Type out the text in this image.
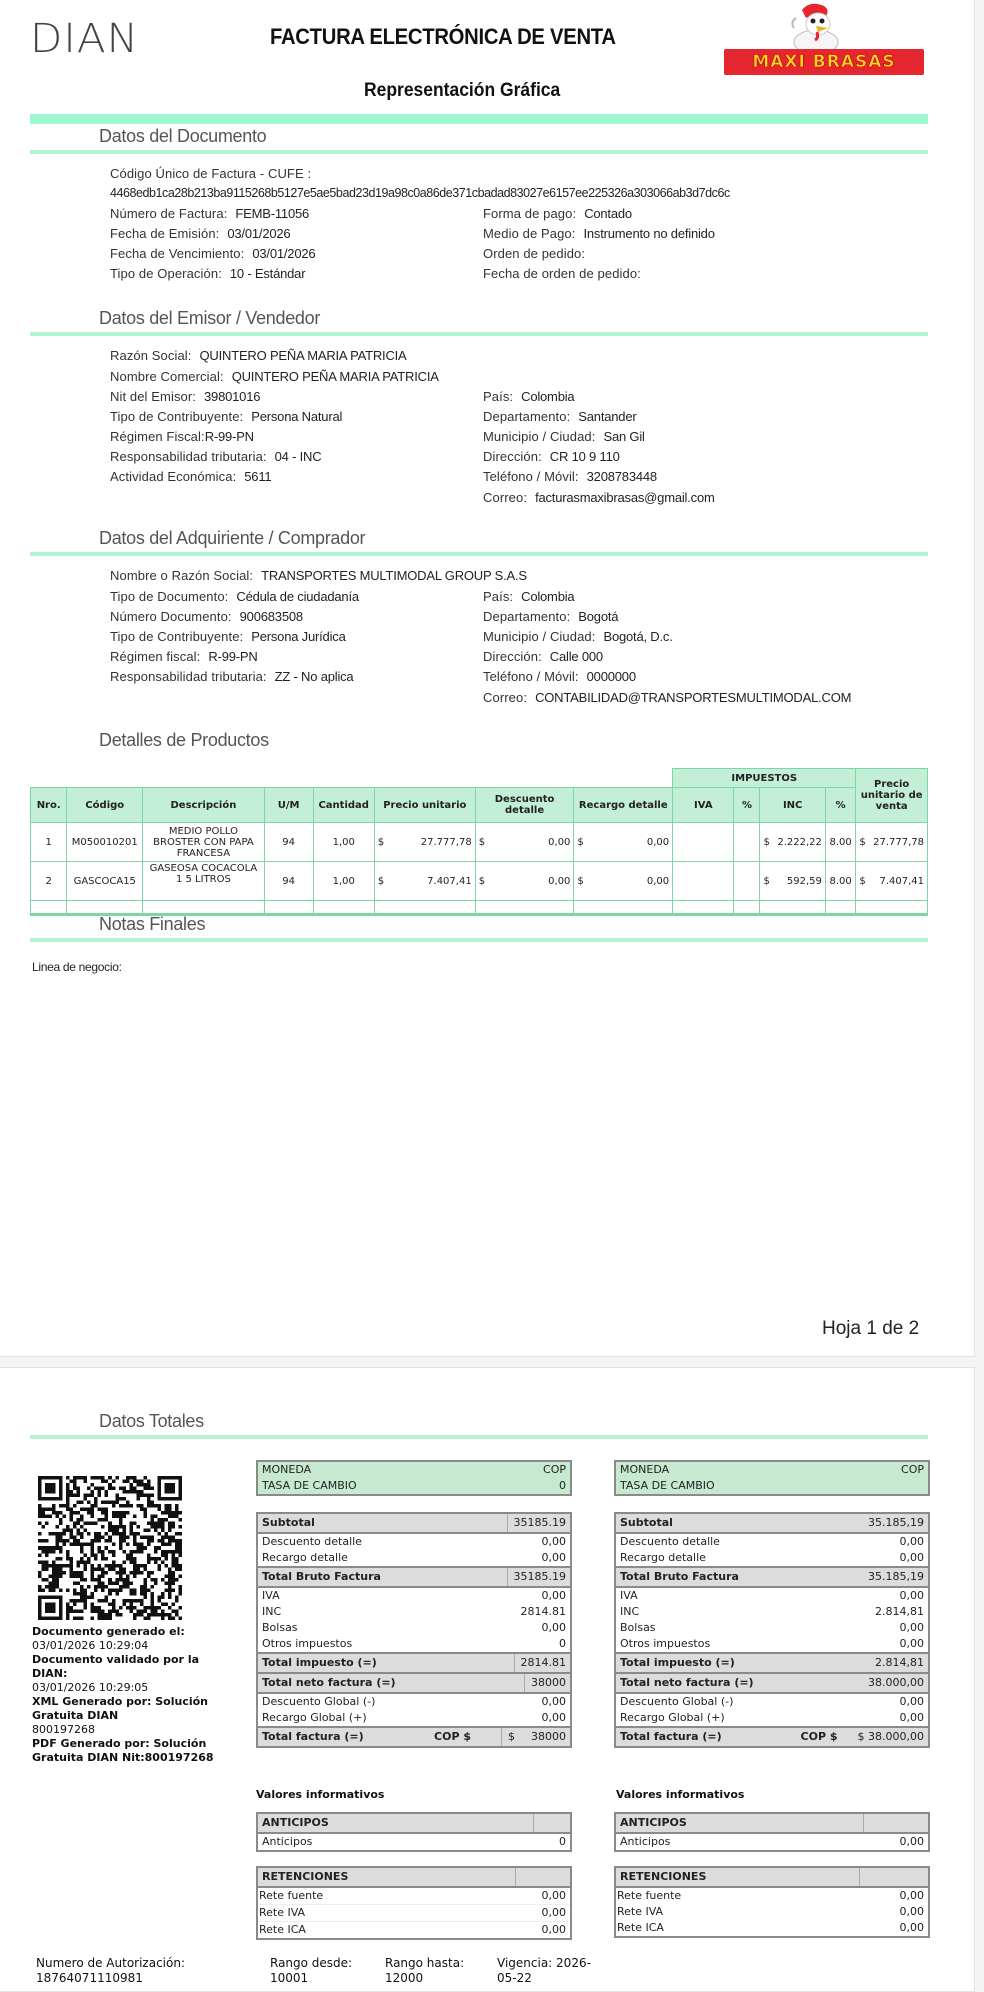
DIAN	FACTURA ELECTRÓNICA DE VENTA
MAXI BRASAS
Representación Gráfica
Datos del Documento
Código Único de Factura - CUFE :
4468edb1ca28b213ba9115268b5127e5ae5bad23d19a98c0a86de371cbadad83027e6157ee225326a303066ab3d7dc6c
Número de Factura: FEMB-11056
Fecha de Emisión: 03/01/2026
Fecha de Vencimiento: 03/01/2026
Tipo de Operación: 10 - Estándar
Forma de pago: Contado
Medio de Pago: Instrumento no definido
Orden de pedido:
Fecha de orden de pedido:
Datos del Emisor / Vendedor
Razón Social: QUINTERO PEÑA MARIA PATRICIA
Nombre Comercial: QUINTERO PEÑA MARIA PATRICIA
Nit del Emisor: 39801016
Tipo de Contribuyente: Persona Natural
Régimen Fiscal:R-99-PN
Responsabilidad tributaria: 04 - INC
Actividad Económica: 5611
País: Colombia
Departamento: Santander
Municipio / Ciudad: San Gil
Dirección: CR 10 9 110
Teléfono / Móvil: 3208783448
Correo: facturasmaxibrasas@gmail.com
Datos del Adquiriente / Comprador
Nombre o Razón Social: TRANSPORTES MULTIMODAL GROUP S.A.S
Tipo de Documento: Cédula de ciudadanía
Número Documento: 900683508
Tipo de Contribuyente: Persona Jurídica
Régimen fiscal: R-99-PN
Responsabilidad tributaria: ZZ - No aplica
País: Colombia
Departamento: Bogotá
Municipio / Ciudad: Bogotá, D.c.
Dirección: Calle 000
Teléfono / Móvil: 0000000
Correo: CONTABILIDAD@TRANSPORTESMULTIMODAL.COM
Detalles de Productos
								IMPUESTOS				Precio unitario de venta
Nro.	Código	Descripción	U/M	Cantidad	Precio unitario	Descuento detalle	Recargo detalle	IVA	%	INC	%	
1	M050010201	MEDIO POLLO BROSTER CON PAPA FRANCESA	94	1,00	$ 27.777,78	$ 0,00	$ 0,00			$ 2.222,22	8.00	$ 27.777,78
2	GASCOCA15	GASEOSA COCACOLA 1 5 LITROS	94	1,00	$ 7.407,41	$ 0,00	$ 0,00			$ 592,59	8.00	$ 7.407,41

Notas Finales
Linea de negocio:
Hoja 1 de 2
Datos Totales
Documento generado el:
03/01/2026 10:29:04
Documento validado por la DIAN:
03/01/2026 10:29:05
XML Generado por: Solución Gratuita DIAN
800197268
PDF Generado por: Solución Gratuita DIAN Nit:800197268
MONEDA	COP
TASA DE CAMBIO	0
Subtotal	35185.19
Descuento detalle	0,00
Recargo detalle	0,00
Total Bruto Factura	35185.19
IVA	0,00
INC	2814.81
Bolsas	0,00
Otros impuestos	0
Total impuesto (=)	2814.81
Total neto factura (=)	38000
Descuento Global (-)	0,00
Recargo Global (+)	0,00
Total factura (=)	COP $	$ 38000
Valores informativos
ANTICIPOS
Anticipos	0
RETENCIONES
Rete fuente	0,00
Rete IVA	0,00
Rete ICA	0,00
MONEDA	COP
TASA DE CAMBIO
Subtotal	35.185,19
Descuento detalle	0,00
Recargo detalle	0,00
Total Bruto Factura	35.185,19
IVA	0,00
INC	2.814,81
Bolsas	0,00
Otros impuestos	0,00
Total impuesto (=)	2.814,81
Total neto factura (=)	38.000,00
Descuento Global (-)	0,00
Recargo Global (+)	0,00
Total factura (=)	COP $ $ 38.000,00
Valores informativos
ANTICIPOS
Anticipos	0,00
RETENCIONES
Rete fuente	0,00
Rete IVA	0,00
Rete ICA	0,00
Numero de Autorización:
18764071110981
Rango desde:
10001
Rango hasta:
12000
Vigencia: 2026-05-22
